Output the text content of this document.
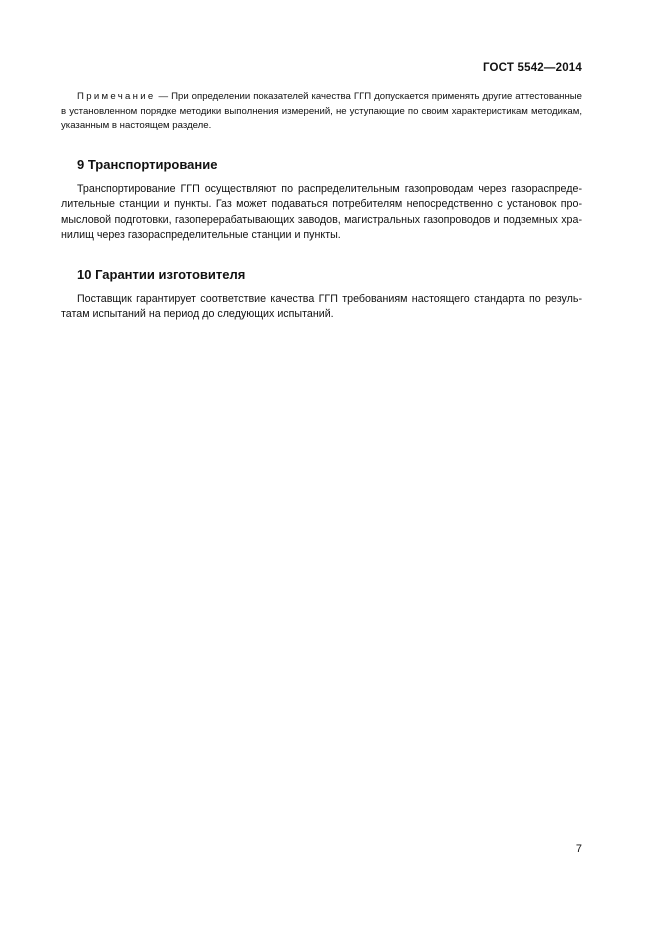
ГОСТ 5542—2014

Примечание — При определении показателей качества ГГП допускается применять другие аттестованные в установленном порядке методики выполнения измерений, не уступающие по своим характеристикам методикам, указанным в настоящем разделе.

9 Транспортирование

Транспортирование ГГП осуществляют по распределительным газопроводам через газораспределительные станции и пункты. Газ может подаваться потребителям непосредственно с установок промысловой подготовки, газоперерабатывающих заводов, магистральных газопроводов и подземных хранилищ через газораспределительные станции и пункты.

10 Гарантии изготовителя

Поставщик гарантирует соответствие качества ГГП требованиям настоящего стандарта по результатам испытаний на период до следующих испытаний.

7
